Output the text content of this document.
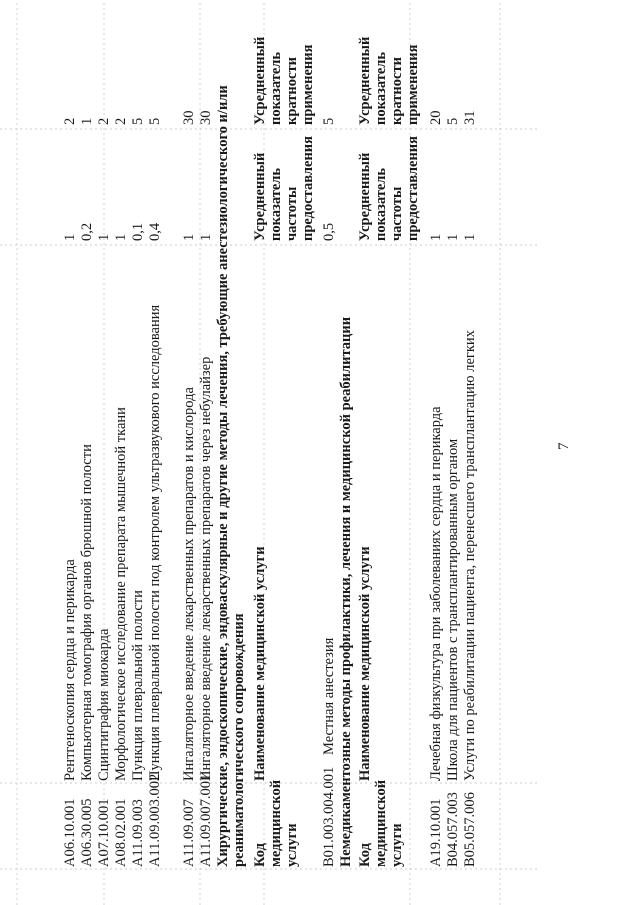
A06.10.001
Рентгеноскопия сердца и перикарда
1
2
A06.30.005
Компьютерная томография органов брюшной полости
0,2
1
A07.10.001
Сцинтиграфия миокарда
1
2
A08.02.001
Морфологическое исследование препарата мышечной ткани
1
2
A11.09.003
Пункция плевральной полости
0,1
5
A11.09.003.002
Пункция плевральной полости под контролем ультразвукового исследования
0,4
5
A11.09.007
Ингаляторное введение лекарственных препаратов и кислорода
1
30
A11.09.007.001
Ингаляторное введение лекарственных препаратов через небулайзер
1
30 Хирургические, эндоскопические, эндоваскулярные и другие методы лечения, требующие анестезиологического и/или реаниматологического сопровождения Код медицинской услуги
Наименование медицинской услуги
Усредненный показатель частоты предоставления
Усредненный показатель кратности применения
B01.003.004.001
Местная анестезия
0,5
5
Немедикаментозные методы профилактики, лечения и медицинской реабилитации Код медицинской услуги
Наименование медицинской услуги
Усредненный показатель частоты предоставления
Усредненный показатель кратности применения
A19.10.001
Лечебная физкультура при заболеваниях сердца и перикарда
1
20
B04.057.003
Школа для пациентов с трансплантированным органом
1
5
B05.057.006
Услуги по реабилитации пациента, перенесшего трансплантацию легких
1
31
7
